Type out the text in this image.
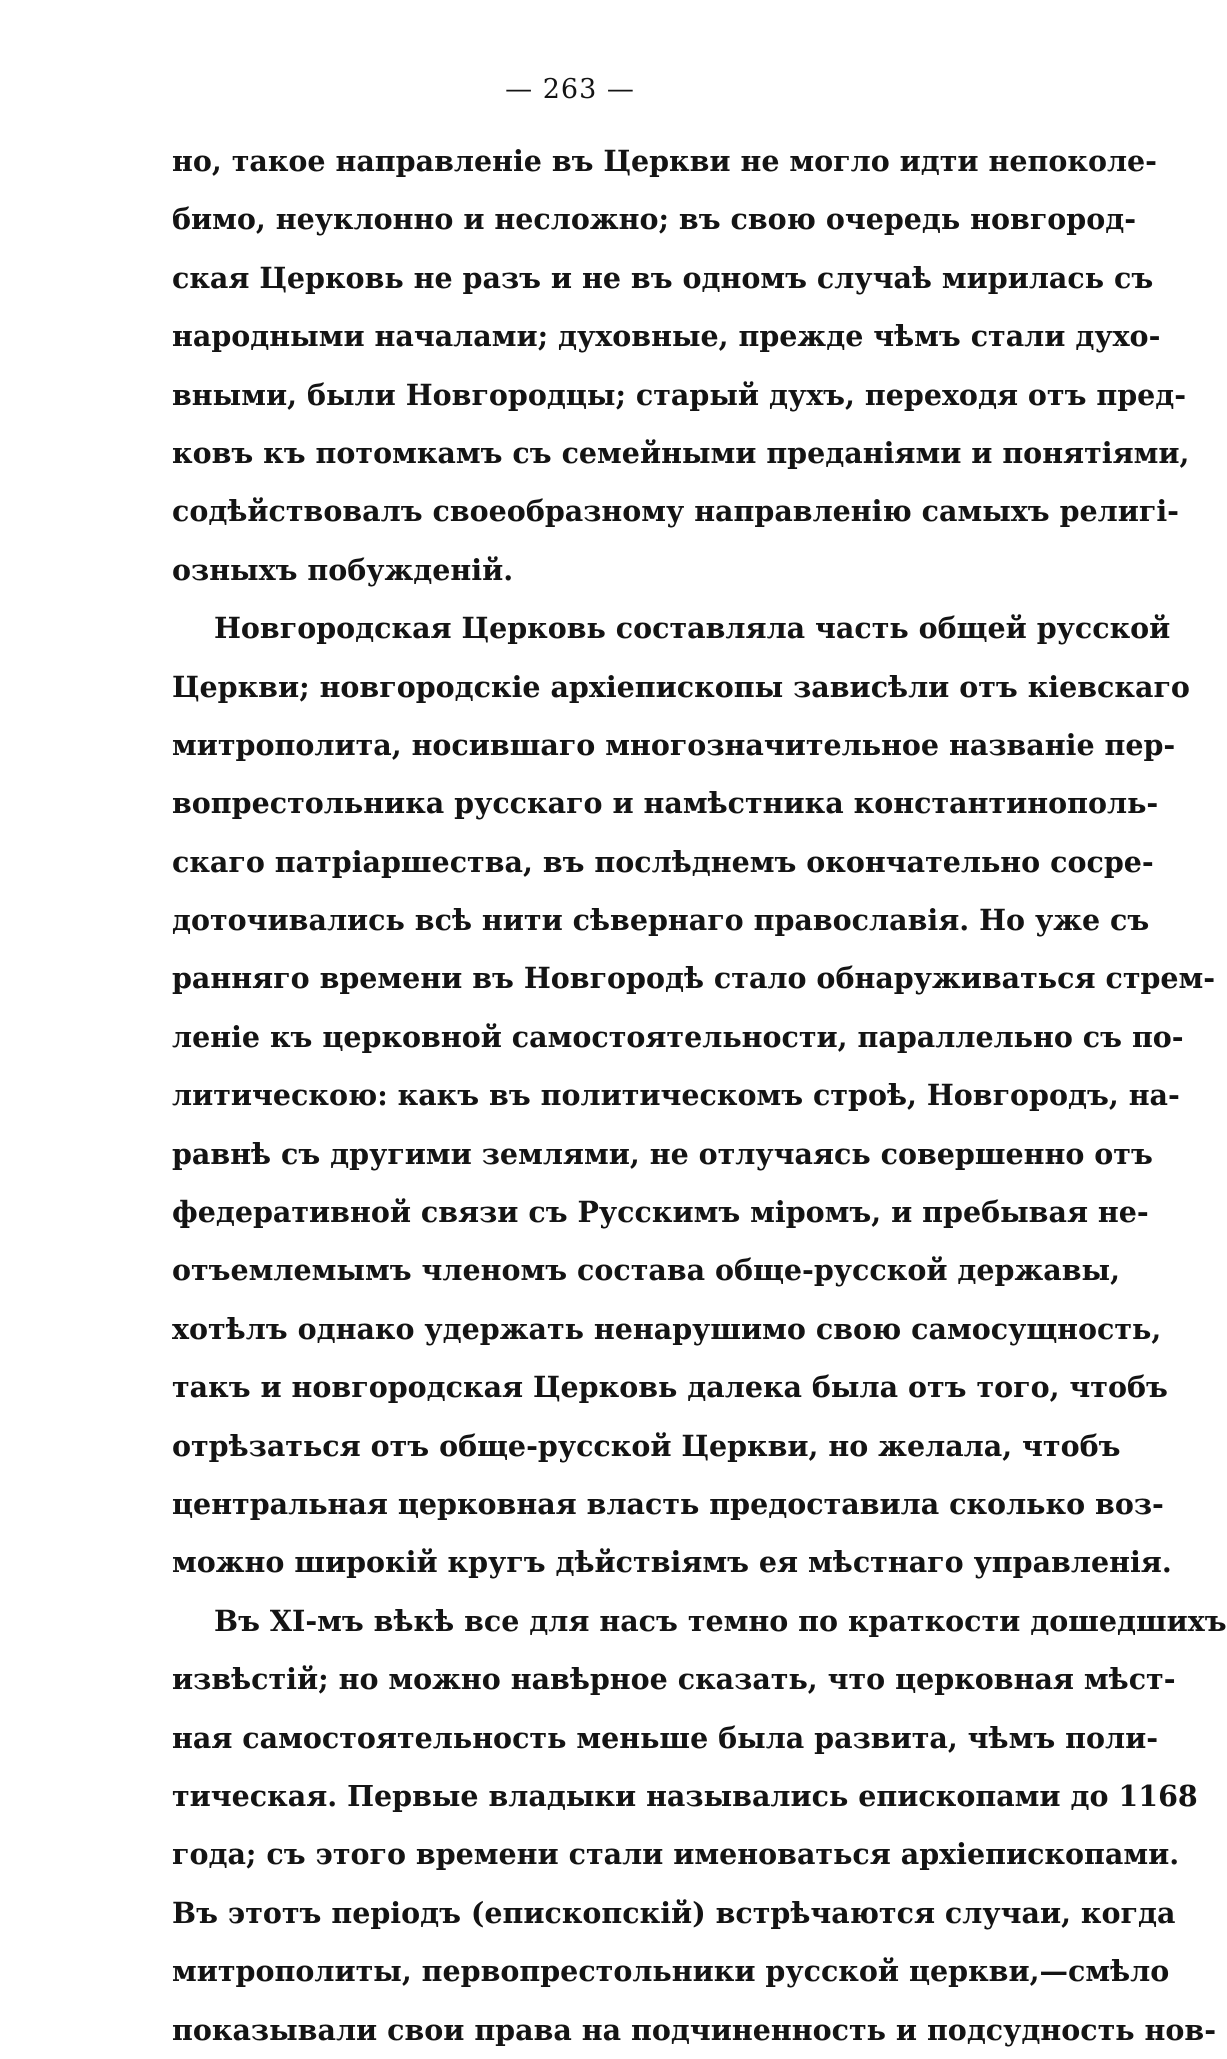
— 263 —
но, такое направленіе въ Церкви не могло идти непоколе-
бимо, неуклонно и несложно; въ свою очередь новгород-
ская Церковь не разъ и не въ одномъ случаѣ мирилась съ
народными началами; духовные, прежде чѣмъ стали духо-
вными, были Новгородцы; старый духъ, переходя отъ пред-
ковъ къ потомкамъ съ семейными преданіями и понятіями,
содѣйствовалъ своеобразному направленію самыхъ религі-
озныхъ побужденій.
Новгородская Церковь составляла часть общей русской
Церкви; новгородскіе архіепископы зависѣли отъ кіевскаго
митрополита, носившаго многозначительное названіе пер-
вопрестольника русскаго и намѣстника константинополь-
скаго патріаршества, въ послѣднемъ окончательно сосре-
доточивались всѣ нити сѣвернаго православія. Но уже съ
ранняго времени въ Новгородѣ стало обнаруживаться стрем-
леніе къ церковной самостоятельности, параллельно съ по-
литическою: какъ въ политическомъ строѣ, Новгородъ, на-
равнѣ съ другими землями, не отлучаясь совершенно отъ
федеративной связи съ Русскимъ міромъ, и пребывая не-
отъемлемымъ членомъ состава обще-русской державы,
хотѣлъ однако удержать ненарушимо свою самосущность,
такъ и новгородская Церковь далека была отъ того, чтобъ
отрѣзаться отъ обще-русской Церкви, но желала, чтобъ
центральная церковная власть предоставила сколько воз-
можно широкій кругъ дѣйствіямъ ея мѣстнаго управленія.
Въ XI-мъ вѣкѣ все для насъ темно по краткости дошедшихъ
извѣстій; но можно навѣрное сказать, что церковная мѣст-
ная самостоятельность меньше была развита, чѣмъ поли-
тическая. Первые владыки назывались епископами до 1168
года; съ этого времени стали именоваться архіепископами.
Въ этотъ періодъ (епископскій) встрѣчаются случаи, когда
митрополиты, первопрестольники русской церкви,—смѣло
показывали свои права на подчиненность и подсудность нов-
